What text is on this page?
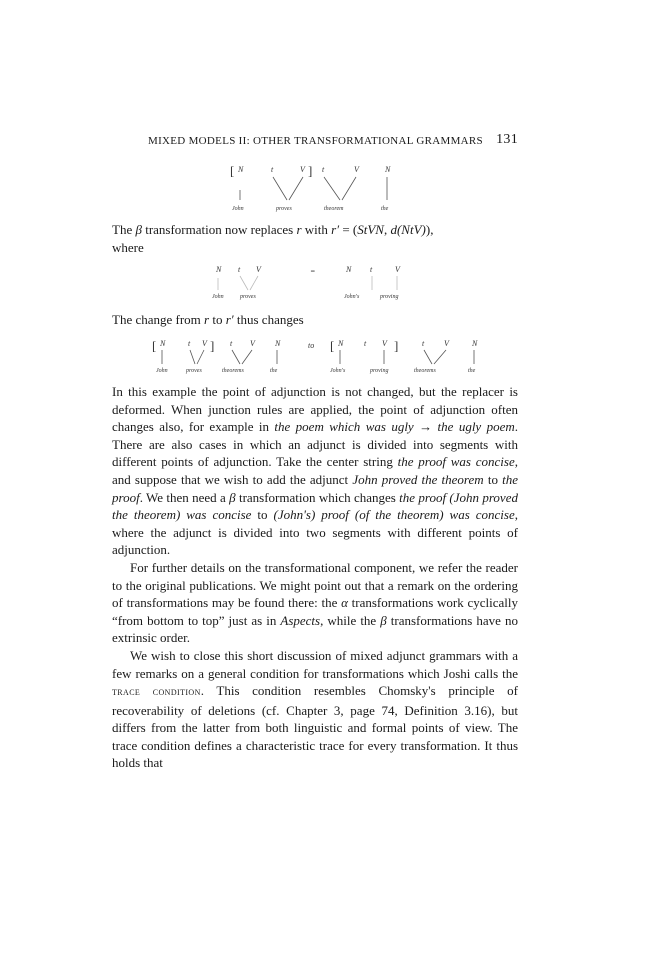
MIXED MODELS II: OTHER TRANSFORMATIONAL GRAMMARS 131
[ N	t	V ] t	V	N
John	proves	theorem	the

The β transformation now replaces r with r′ = (StVN, d(NtV)),
where

N t V	=	N t	V
John	proves	John's	proving

The change from r to r′ thus changes

[ N	t V ] t V	N	to [ N	t V ]	t V	N
John	proves	theorems	the	John's	proving	theorems	the

In this example the point of adjunction is not changed, but the replacer is deformed. When junction rules are applied, the point of adjunction often changes also, for example in the poem which was ugly → the ugly poem. There are also cases in which an adjunct is divided into segments with different points of adjunction. Take the center string the proof was concise, and suppose that we wish to add the adjunct John proved the theorem to the proof. We then need a β transformation which changes the proof (John proved the theorem) was concise to (John's) proof (of the theorem) was concise, where the adjunct is divided into two segments with different points of adjunction.

For further details on the transformational component, we refer the reader to the original publications. We might point out that a remark on the ordering of transformations may be found there: the α transformations work cyclically “from bottom to top” just as in Aspects, while the β transformations have no extrinsic order.

We wish to close this short discussion of mixed adjunct grammars with a few remarks on a general condition for transformations which Joshi calls the trace condition. This condition resembles Chomsky's principle of recoverability of deletions (cf. Chapter 3, page 74, Definition 3.16), but differs from the latter from both linguistic and formal points of view. The trace condition defines a characteristic trace for every transformation. It thus holds that
